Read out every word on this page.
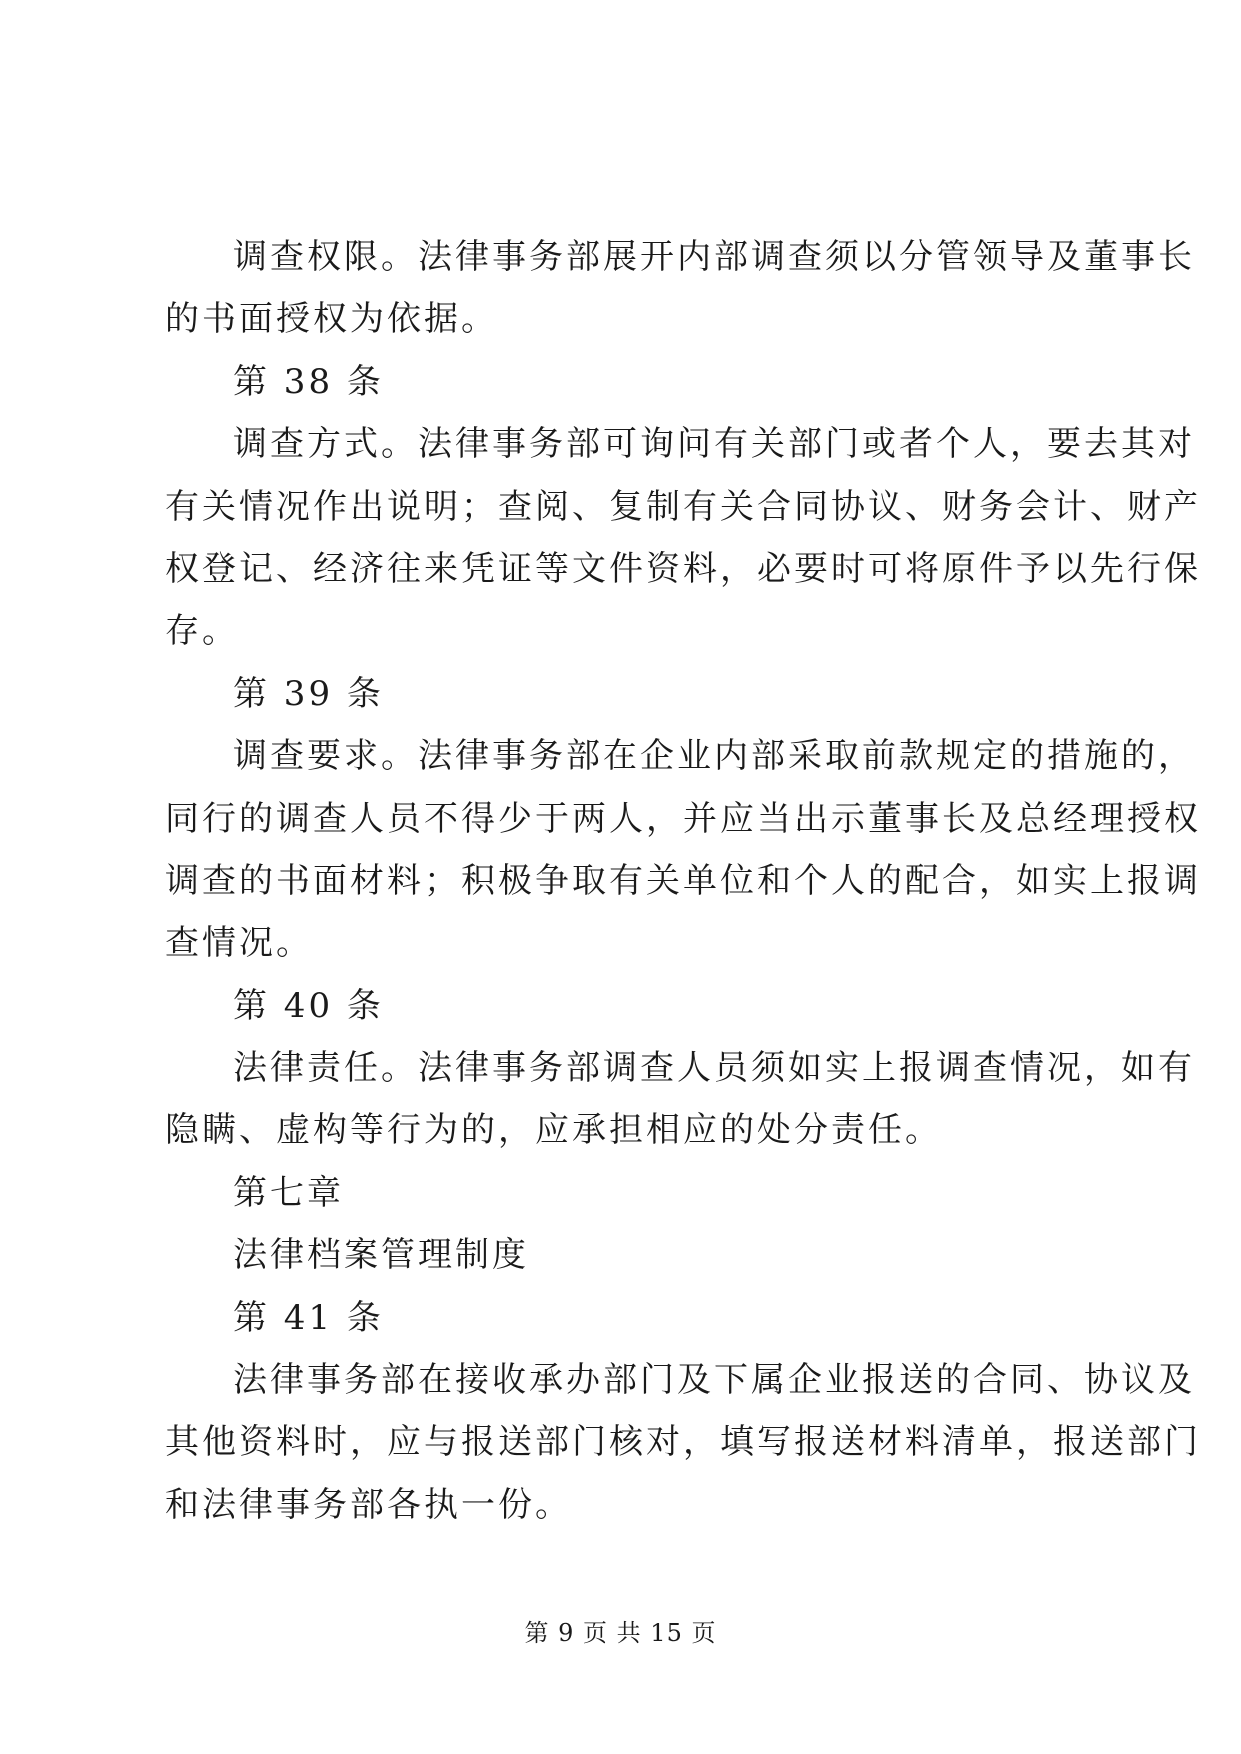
调查权限。法律事务部展开内部调查须以分管领导及董事长
的书面授权为依据。
第 38 条
调查方式。法律事务部可询问有关部门或者个人，要去其对
有关情况作出说明；查阅、复制有关合同协议、财务会计、财产
权登记、经济往来凭证等文件资料，必要时可将原件予以先行保
存。
第 39 条
调查要求。法律事务部在企业内部采取前款规定的措施的，
同行的调查人员不得少于两人，并应当出示董事长及总经理授权
调查的书面材料；积极争取有关单位和个人的配合，如实上报调
查情况。
第 40 条
法律责任。法律事务部调查人员须如实上报调查情况，如有
隐瞒、虚构等行为的，应承担相应的处分责任。
第七章
法律档案管理制度
第 41 条
法律事务部在接收承办部门及下属企业报送的合同、协议及
其他资料时，应与报送部门核对，填写报送材料清单，报送部门
和法律事务部各执一份。
第 9 页 共 15 页
